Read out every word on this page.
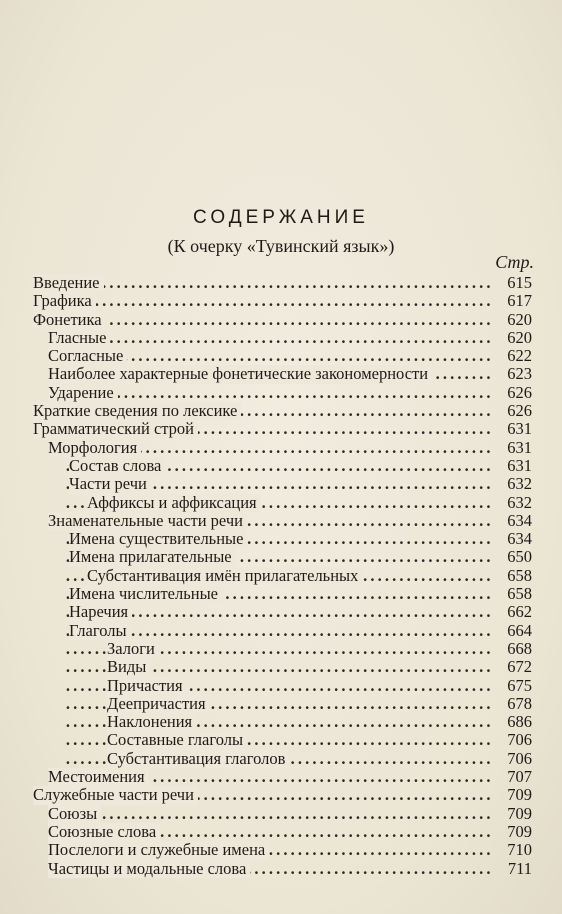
СОДЕРЖАНИЕ
(К очерку «Тувинский язык»)
Стр.
. . .
Введение	615
. . .
Графика	617
. . .
Фонетика	620
. . .
Гласные	620
. . .
Согласные	622
. . .
Наиболее характерные фонетические закономерности	623
. . .
Ударение	626
. . .
Краткие сведения по лексике	626
. . .
Грамматический строй	631
. . .
Морфология	631
. . .
Состав слова	631
. . .
Части речи	632
. . .
Аффиксы и аффиксация	632
. . .
Знаменательные части речи	634
. . .
Имена существительные	634
. . .
Имена прилагательные	650
. . .
Субстантивация имён прилагательных	658
. . .
Имена числительные	658
. . .
Наречия	662
. . .
Глаголы	664
. . .
Залоги	668
. . .
Виды	672
. . .
Причастия	675
. . .
Деепричастия	678
. . .
Наклонения	686
. . .
Составные глаголы	706
. . .
Субстантивация глаголов	706
. . .
Местоимения	707
. . .
Служебные части речи	709
. . .
Союзы	709
. . .
Союзные слова	709
. . .
Послелоги и служебные имена	710
. . .
Частицы и модальные слова	711
